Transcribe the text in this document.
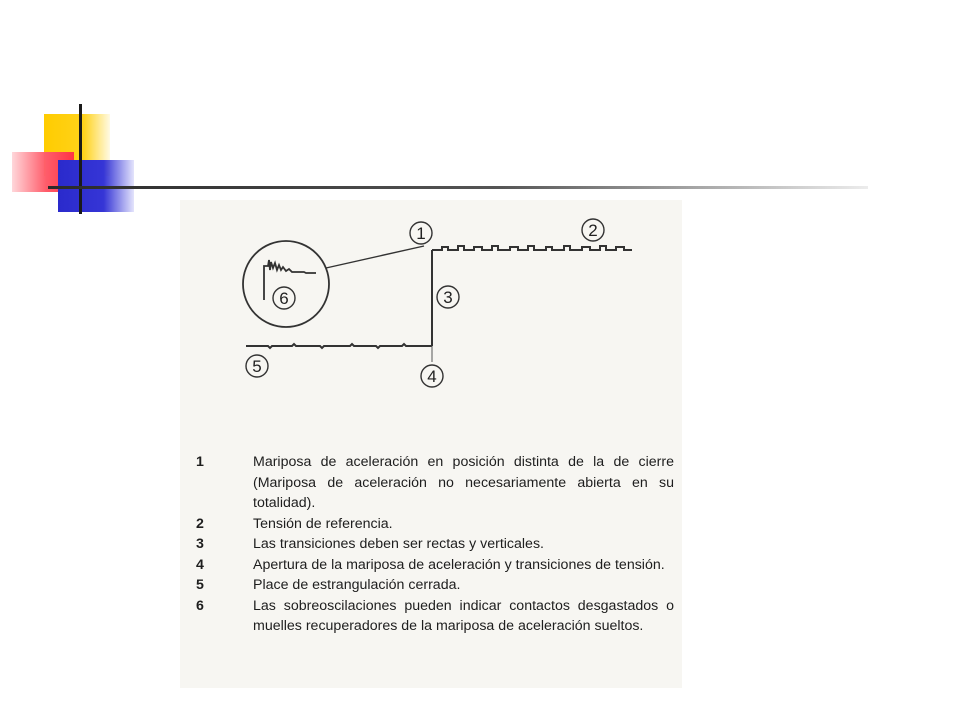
1	2
3
4
5
6
1	Mariposa de aceleración en posición distinta de la de cierre (Mariposa de aceleración no necesariamente abierta en su totalidad).
2	Tensión de referencia.
3	Las transiciones deben ser rectas y verticales.
4	Apertura de la mariposa de aceleración y transiciones de tensión.
5	Place de estrangulación cerrada.
6	Las sobreoscilaciones pueden indicar contactos desgastados o muelles recuperadores de la mariposa de aceleración sueltos.
